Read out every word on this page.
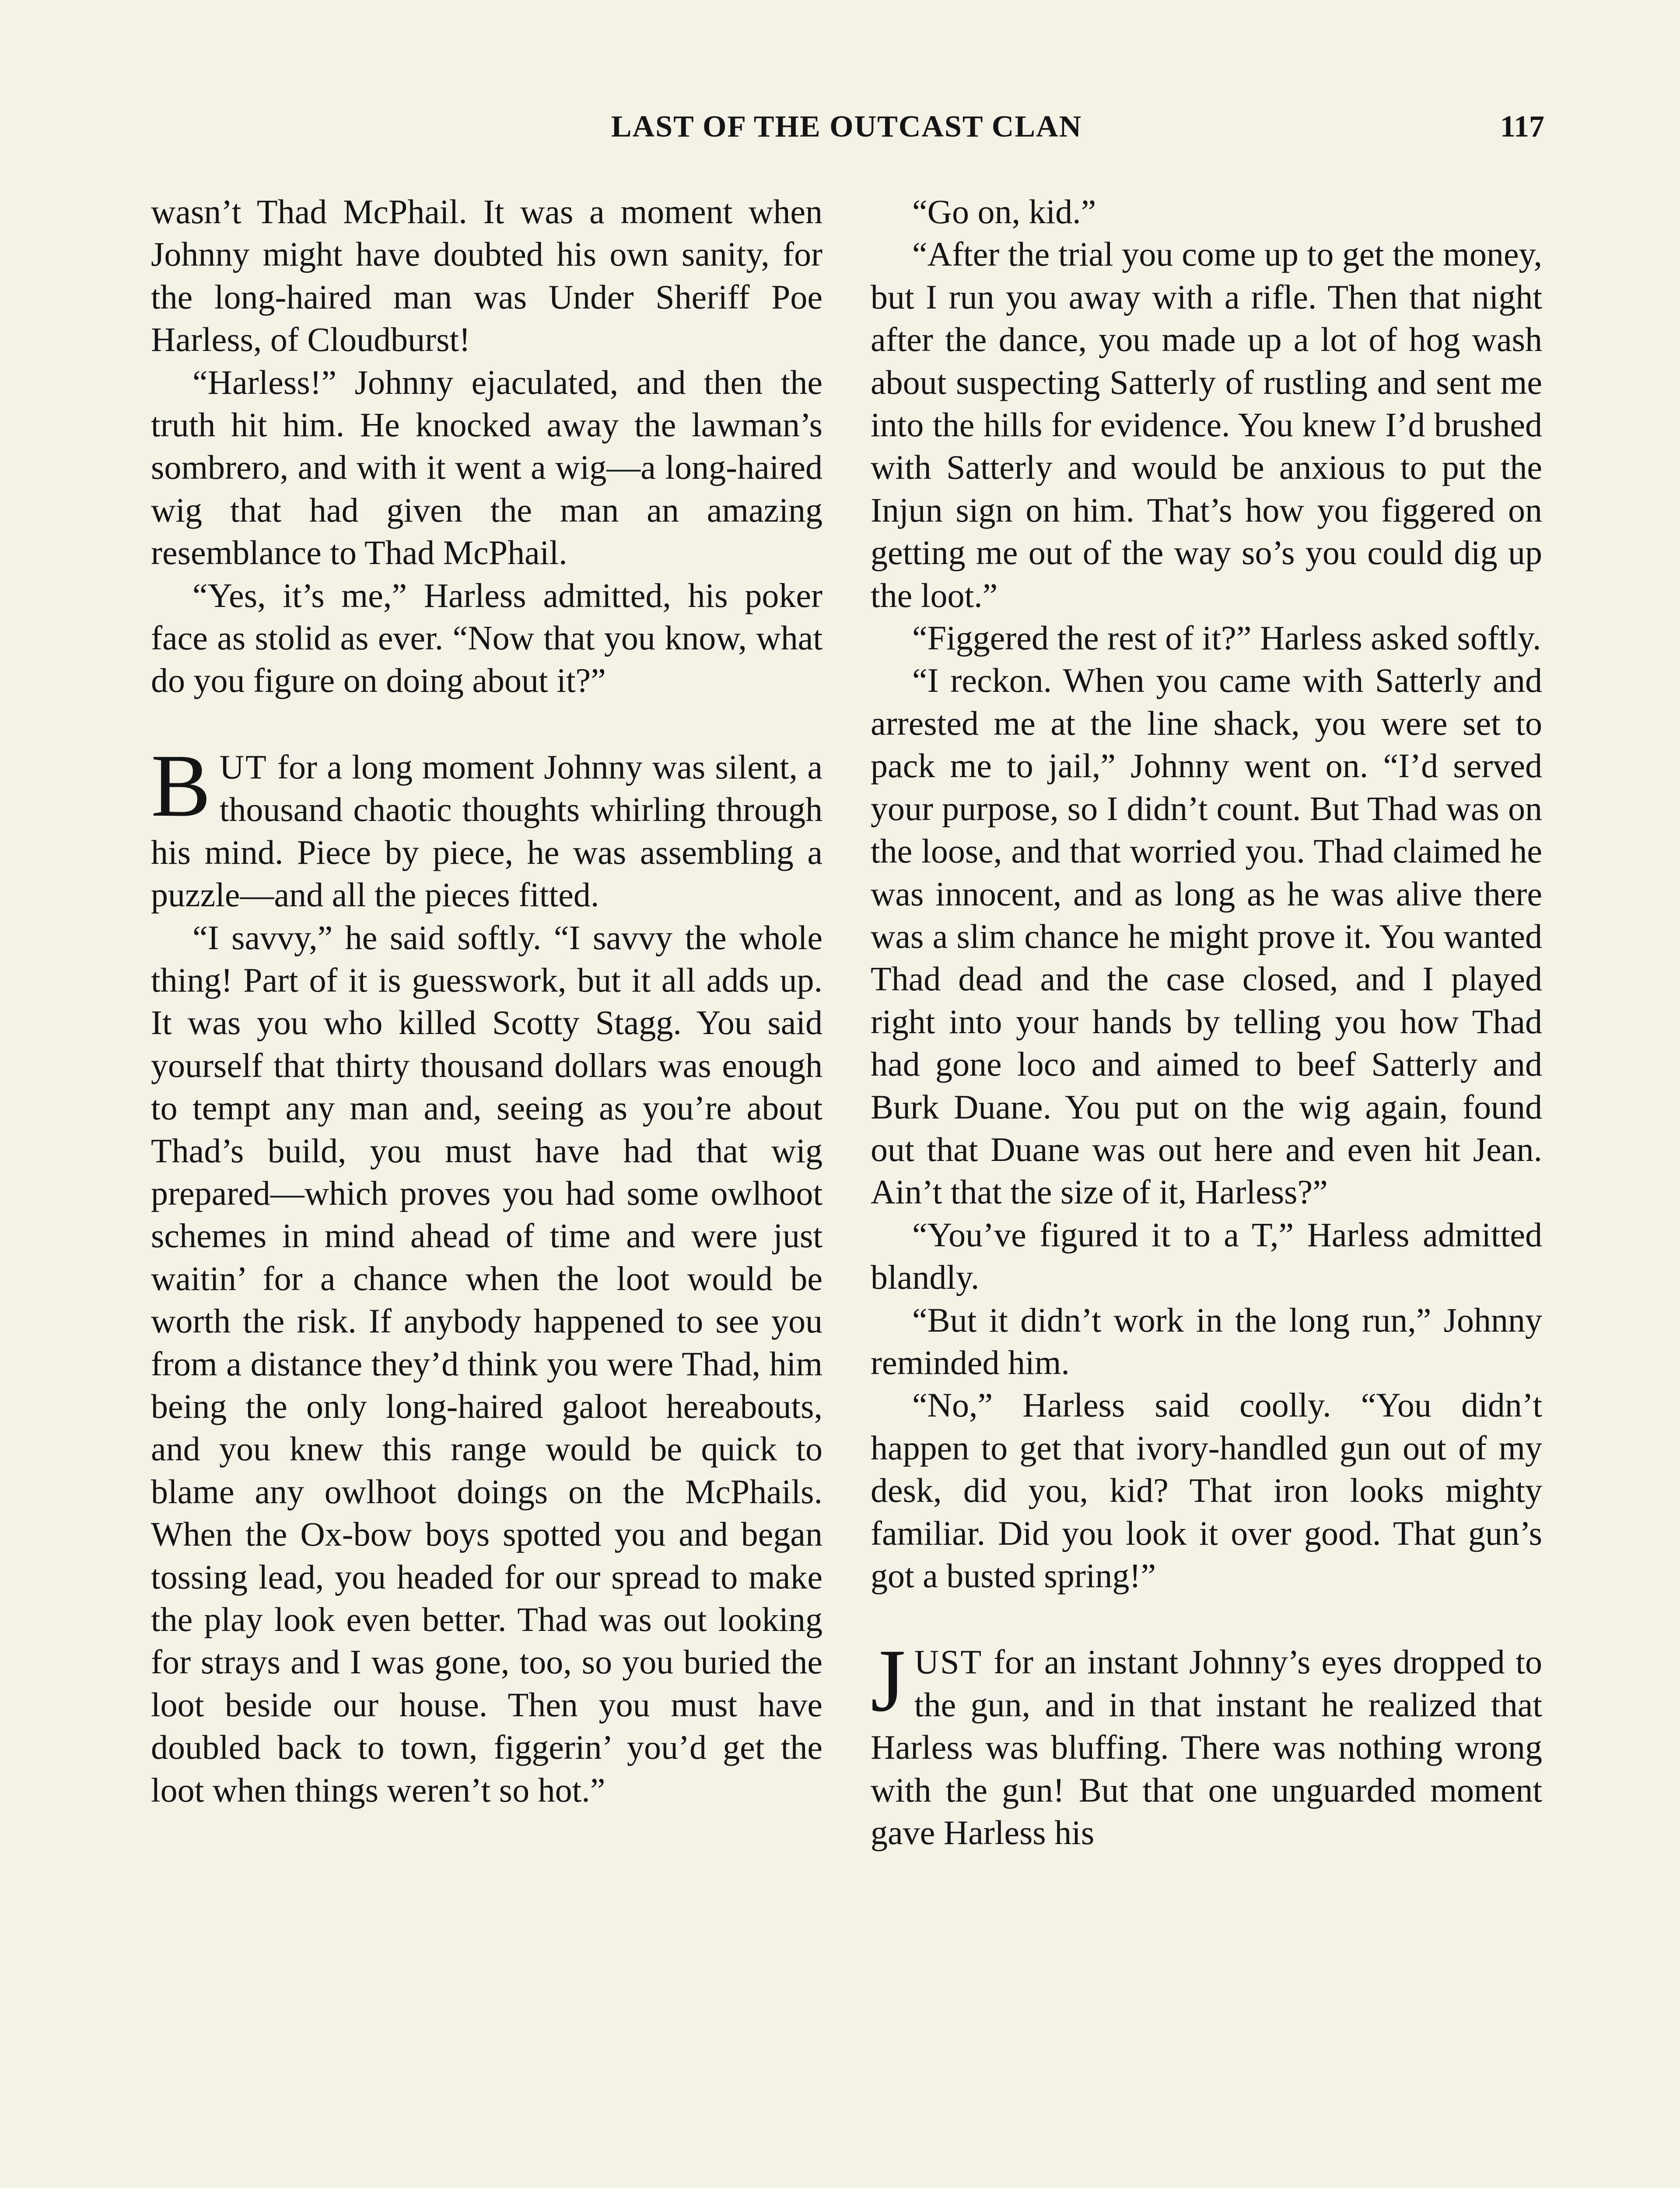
LAST OF THE OUTCAST CLAN	117

wasn’t Thad McPhail. It was a moment when Johnny might have doubted his own sanity, for the long-haired man was Under Sheriff Poe Harless, of Cloudburst!

“Harless!” Johnny ejaculated, and then the truth hit him. He knocked away the lawman’s sombrero, and with it went a wig—a long-haired wig that had given the man an amazing resemblance to Thad McPhail.

“Yes, it’s me,” Harless admitted, his poker face as stolid as ever. “Now that you know, what do you figure on doing about it?”

BUT for a long moment Johnny was silent, a thousand chaotic thoughts whirling through his mind. Piece by piece, he was assembling a puzzle—and all the pieces fitted.

“I savvy,” he said softly. “I savvy the whole thing! Part of it is guesswork, but it all adds up. It was you who killed Scotty Stagg. You said yourself that thirty thousand dollars was enough to tempt any man and, seeing as you’re about Thad’s build, you must have had that wig prepared—which proves you had some owlhoot schemes in mind ahead of time and were just waitin’ for a chance when the loot would be worth the risk. If anybody happened to see you from a distance they’d think you were Thad, him being the only long-haired galoot hereabouts, and you knew this range would be quick to blame any owlhoot doings on the McPhails. When the Ox-bow boys spotted you and began tossing lead, you headed for our spread to make the play look even better. Thad was out looking for strays and I was gone, too, so you buried the loot beside our house. Then you must have doubled back to town, figgerin’ you’d get the loot when things weren’t so hot.”

“Go on, kid.”

“After the trial you come up to get the money, but I run you away with a rifle. Then that night after the dance, you made up a lot of hog wash about suspecting Satterly of rustling and sent me into the hills for evidence. You knew I’d brushed with Satterly and would be anxious to put the Injun sign on him. That’s how you figgered on getting me out of the way so’s you could dig up the loot.”

“Figgered the rest of it?” Harless asked softly.

“I reckon. When you came with Satterly and arrested me at the line shack, you were set to pack me to jail,” Johnny went on. “I’d served your purpose, so I didn’t count. But Thad was on the loose, and that worried you. Thad claimed he was innocent, and as long as he was alive there was a slim chance he might prove it. You wanted Thad dead and the case closed, and I played right into your hands by telling you how Thad had gone loco and aimed to beef Satterly and Burk Duane. You put on the wig again, found out that Duane was out here and even hit Jean. Ain’t that the size of it, Harless?”

“You’ve figured it to a T,” Harless admitted blandly.

“But it didn’t work in the long run,” Johnny reminded him.

“No,” Harless said coolly. “You didn’t happen to get that ivory-handled gun out of my desk, did you, kid? That iron looks mighty familiar. Did you look it over good. That gun’s got a busted spring!”

JUST for an instant Johnny’s eyes dropped to the gun, and in that instant he realized that Harless was bluffing. There was nothing wrong with the gun! But that one unguarded moment gave Harless his
